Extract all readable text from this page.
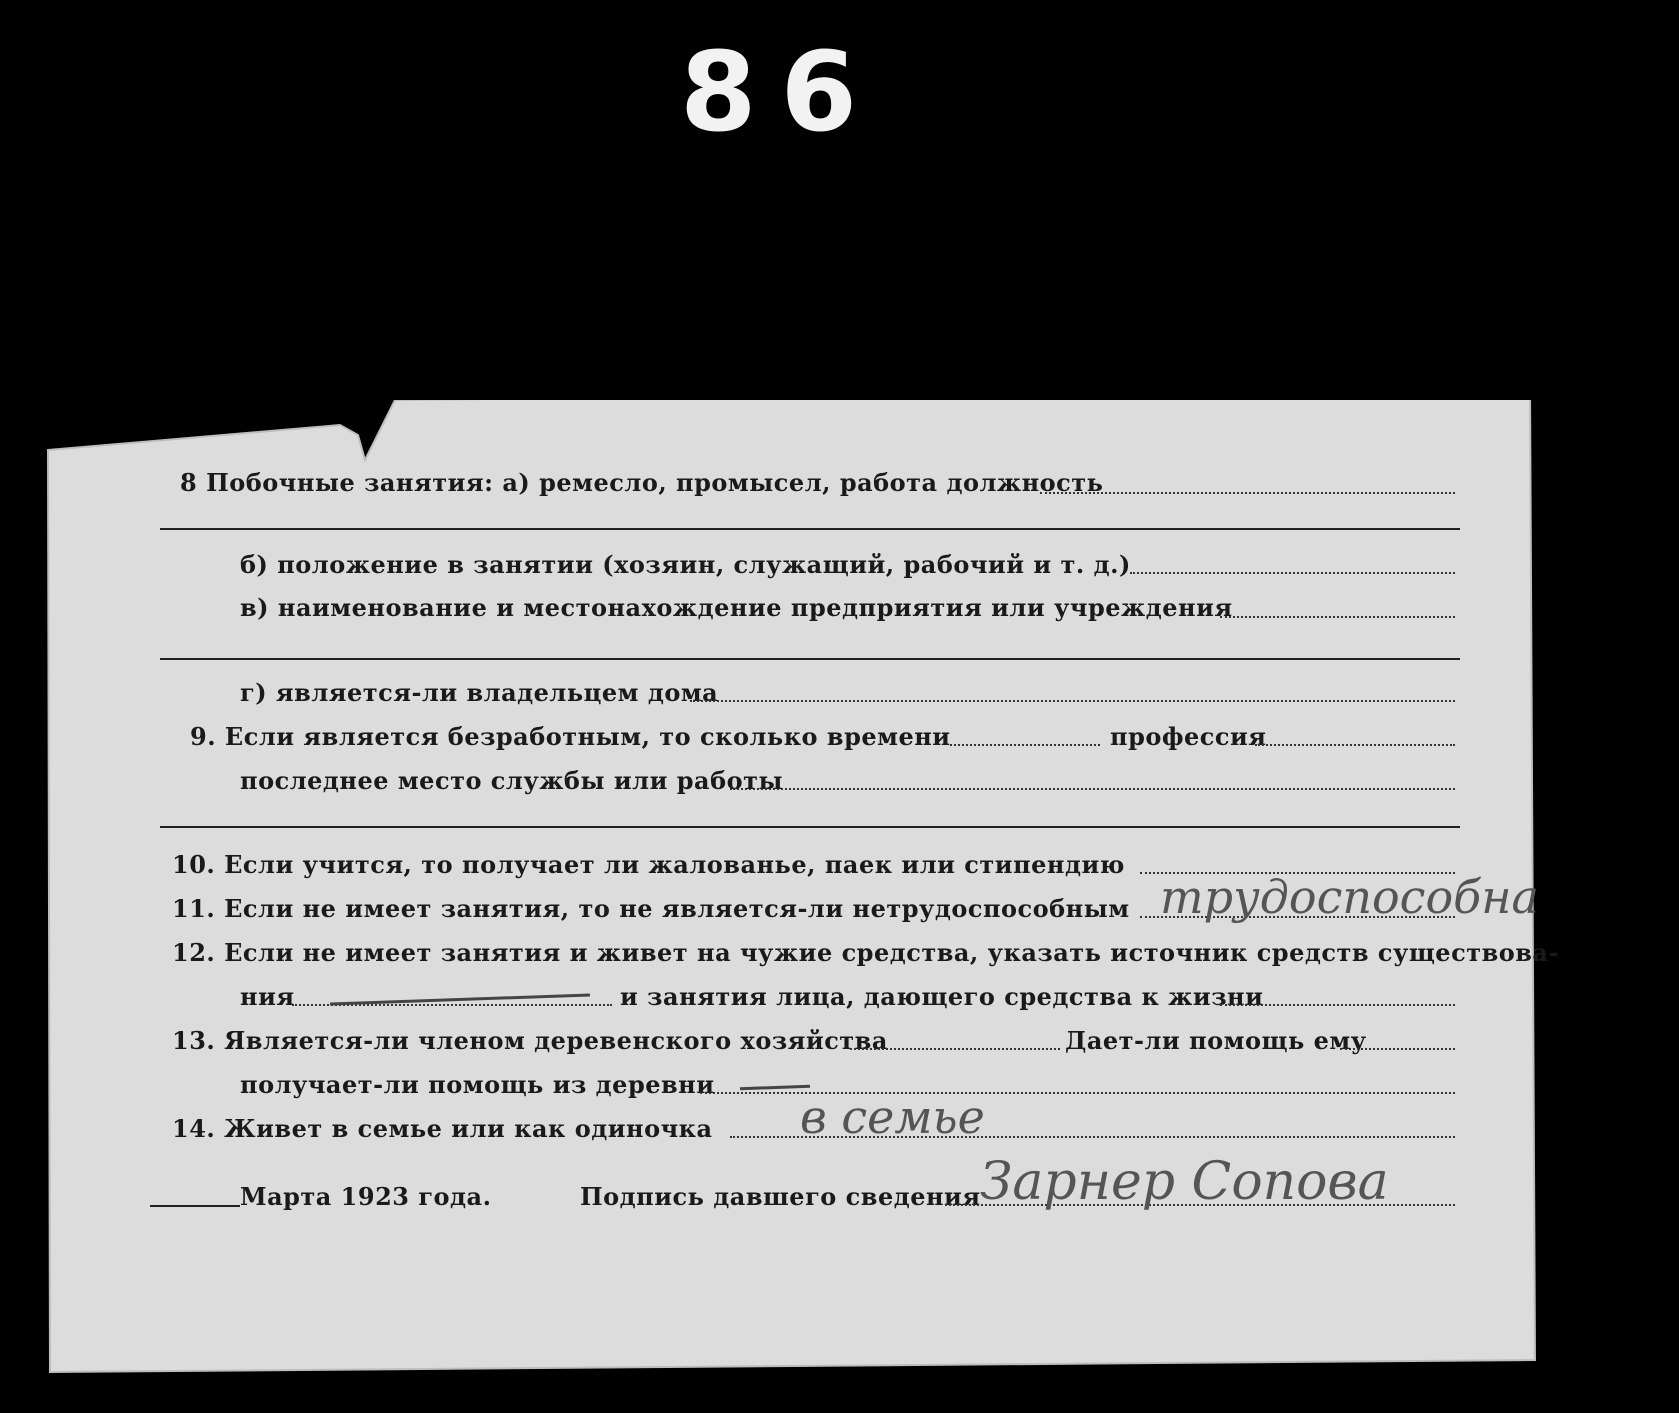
86
8 Побочные занятия: а) ремесло, промысел, работа должность
б) положение в занятии (хозяин, служащий, рабочий и т. д.)
в) наименование и местонахождение предприятия или учреждения
г) является-ли владельцем дома
9. Если является безработным, то сколько времени	профессия
последнее место службы или работы
10. Если учится, то получает ли жалованье, паек или стипендию
11. Если не имеет занятия, то не является-ли нетрудоспособным трудоспособна
12. Если не имеет занятия и живет на чужие средства, указать источник средств существова-
ния	и занятия лица, дающего средства к жизни
13. Является-ли членом деревенского хозяйства	Дает-ли помощь ему
получает-ли помощь из деревни
14. Живет в семье или как одиночка в семье
Марта 1923 года.	Подпись давшего сведения Зарнер Сопова
